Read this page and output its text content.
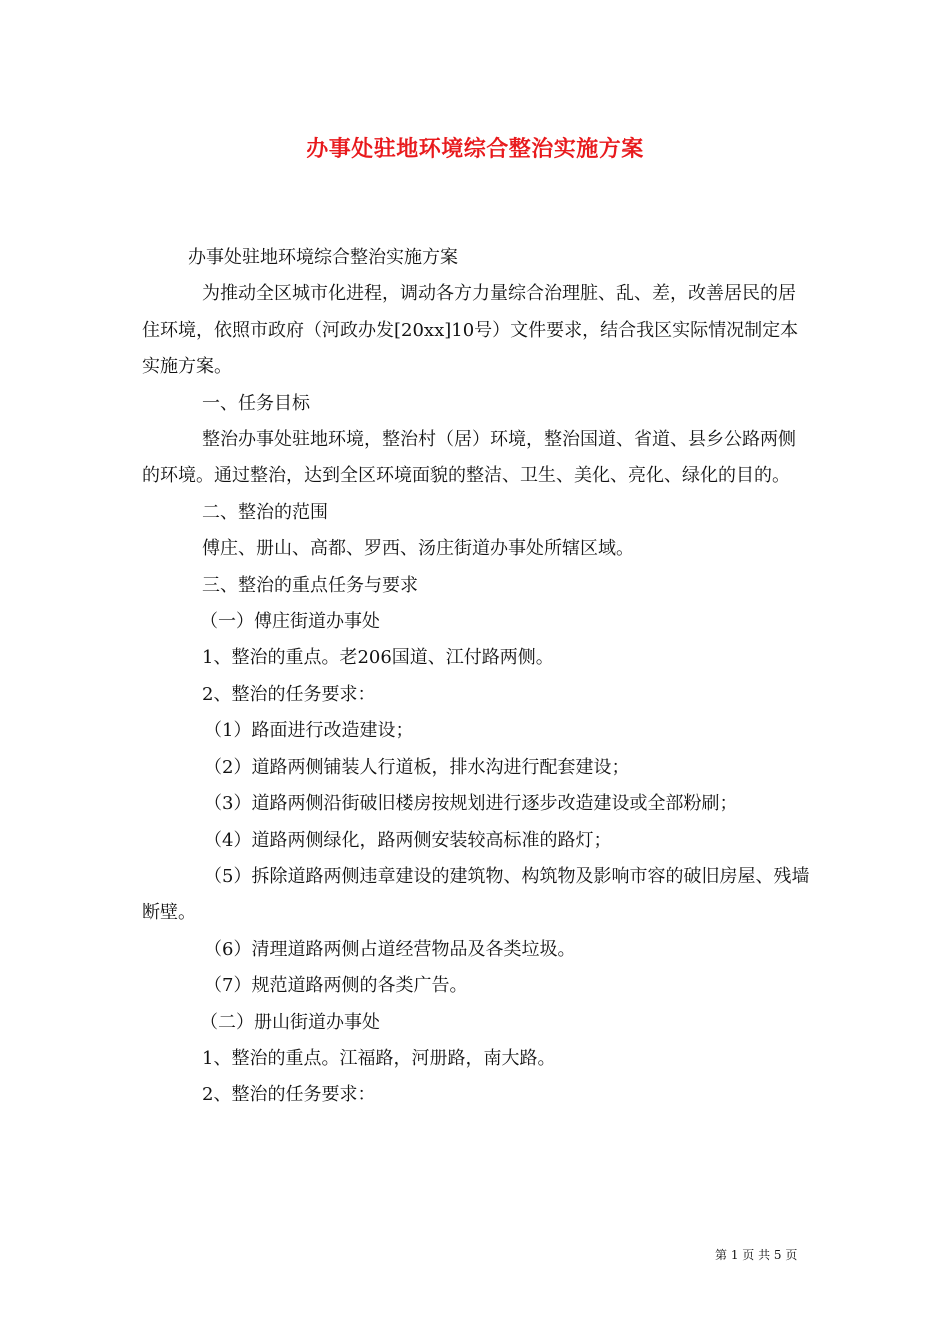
办事处驻地环境综合整治实施方案

办事处驻地环境综合整治实施方案

为推动全区城市化进程，调动各方力量综合治理脏、乱、差，改善居民的居住环境，依照市政府（河政办发[20xx]10号）文件要求，结合我区实际情况制定本实施方案。

一、任务目标

整治办事处驻地环境，整治村（居）环境，整治国道、省道、县乡公路两侧的环境。通过整治，达到全区环境面貌的整洁、卫生、美化、亮化、绿化的目的。

二、整治的范围

傅庄、册山、高都、罗西、汤庄街道办事处所辖区域。

三、整治的重点任务与要求

（一）傅庄街道办事处

1、整治的重点。老206国道、江付路两侧。

2、整治的任务要求：

（1）路面进行改造建设；

（2）道路两侧铺装人行道板，排水沟进行配套建设；

（3）道路两侧沿街破旧楼房按规划进行逐步改造建设或全部粉刷；

（4）道路两侧绿化，路两侧安装较高标准的路灯；

（5）拆除道路两侧违章建设的建筑物、构筑物及影响市容的破旧房屋、残墙断壁。

（6）清理道路两侧占道经营物品及各类垃圾。

（7）规范道路两侧的各类广告。

（二）册山街道办事处

1、整治的重点。江福路，河册路，南大路。

2、整治的任务要求：

第 1 页 共 5 页
